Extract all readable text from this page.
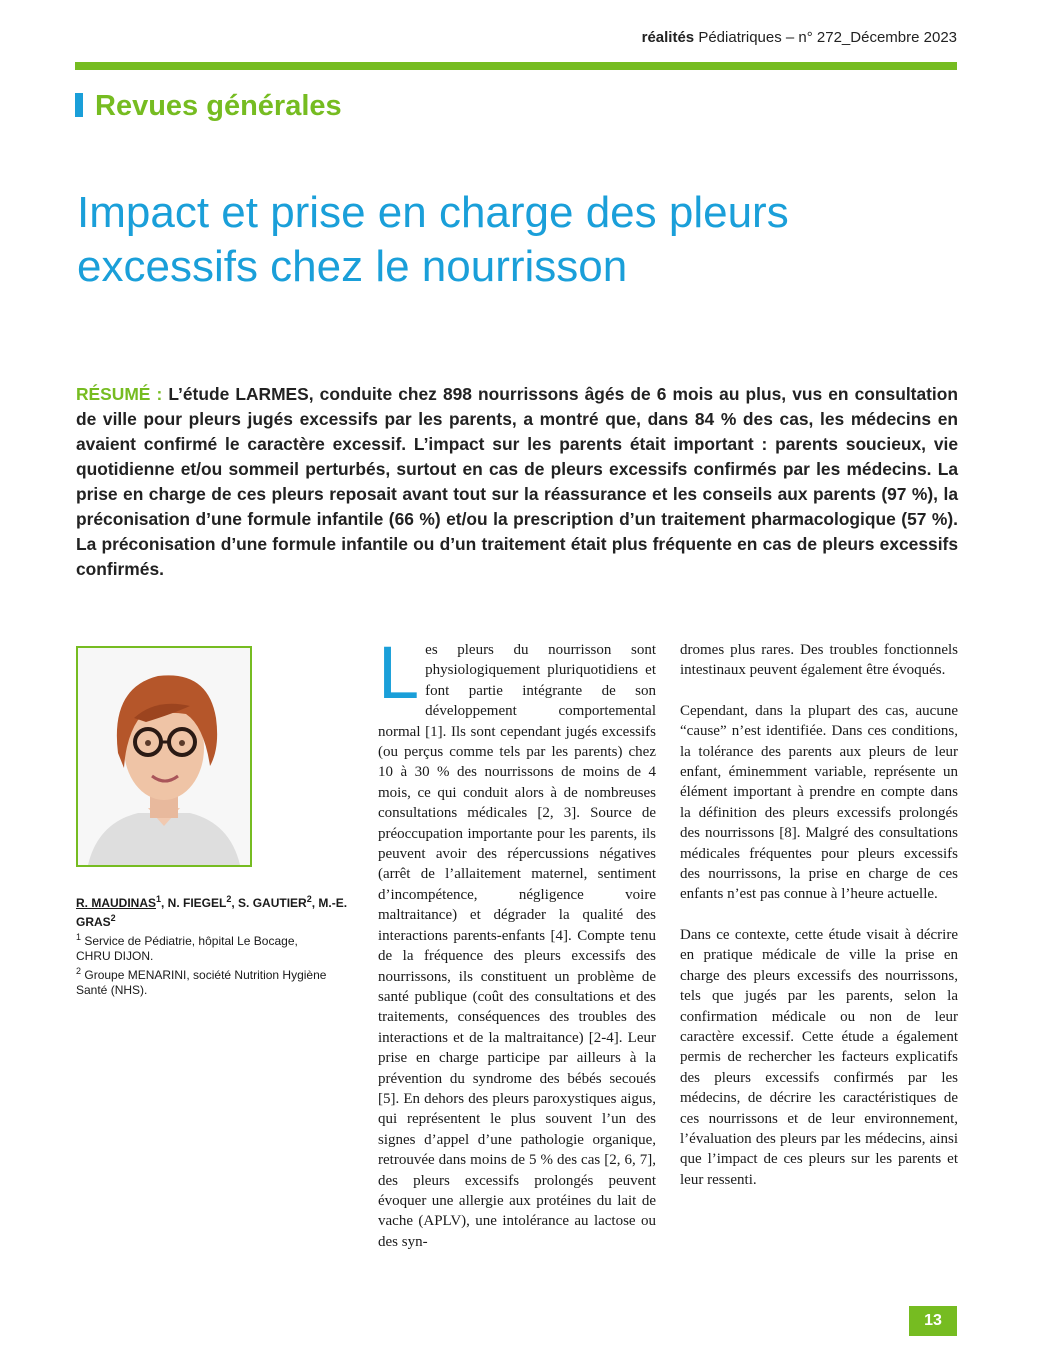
réalités Pédiatriques – n° 272_Décembre 2023
Revues générales
Impact et prise en charge des pleurs excessifs chez le nourrisson

RÉSUMÉ : L’étude LARMES, conduite chez 898 nourrissons âgés de 6 mois au plus, vus en consultation de ville pour pleurs jugés excessifs par les parents, a montré que, dans 84 % des cas, les médecins en avaient confirmé le caractère excessif. L’impact sur les parents était important : parents soucieux, vie quotidienne et/ou sommeil perturbés, surtout en cas de pleurs excessifs confirmés par les médecins. La prise en charge de ces pleurs reposait avant tout sur la réassurance et les conseils aux parents (97 %), la préconisation d’une formule infantile (66 %) et/ou la prescription d’un traitement pharmacologique (57 %). La préconisation d’une formule infantile ou d’un traitement était plus fréquente en cas de pleurs excessifs confirmés.

R. MAUDINAS$^1$, N. FIEGEL$^2$, S. GAUTIER$^2$, M.-E. GRAS$^2$
$^1$ Service de Pédiatrie, hôpital Le Bocage,
CHRU DIJON.
$^2$ Groupe MENARINI, société Nutrition Hygiène
Santé (NHS).

Les pleurs du nourrisson sont physiologiquement pluriquotidiens et font partie intégrante de son développement comportemental normal [1]. Ils sont cependant jugés excessifs (ou perçus comme tels par les parents) chez 10 à 30 % des nourrissons de moins de 4 mois, ce qui conduit alors à de nombreuses consultations médicales [2, 3]. Source de préoccupation importante pour les parents, ils peuvent avoir des répercussions négatives (arrêt de l’allaitement maternel, sentiment d’incompétence, négligence voire maltraitance) et dégrader la qualité des interactions parents-enfants [4]. Compte tenu de la fréquence des pleurs excessifs des nourrissons, ils constituent un problème de santé publique (coût des consultations et des traitements, conséquences des troubles des interactions et de la maltraitance) [2-4]. Leur prise en charge participe par ailleurs à la prévention du syndrome des bébés secoués [5]. En dehors des pleurs paroxystiques aigus, qui représentent le plus souvent l’un des signes d’appel d’une pathologie organique, retrouvée dans moins de 5 % des cas [2, 6, 7], des pleurs excessifs prolongés peuvent évoquer une allergie aux protéines du lait de vache (APLV), une intolérance au lactose ou des syn-

dromes plus rares. Des troubles fonctionnels intestinaux peuvent également être évoqués.

Cependant, dans la plupart des cas, aucune “cause” n’est identifiée. Dans ces conditions, la tolérance des parents aux pleurs de leur enfant, éminemment variable, représente un élément important à prendre en compte dans la définition des pleurs excessifs prolongés des nourrissons [8]. Malgré des consultations médicales fréquentes pour pleurs excessifs des nourrissons, la prise en charge de ces enfants n’est pas connue à l’heure actuelle.

Dans ce contexte, cette étude visait à décrire en pratique médicale de ville la prise en charge des pleurs excessifs des nourrissons, tels que jugés par les parents, selon la confirmation médicale ou non de leur caractère excessif. Cette étude a également permis de rechercher les facteurs explicatifs des pleurs excessifs confirmés par les médecins, de décrire les caractéristiques de ces nourrissons et de leur environnement, l’évaluation des pleurs par les médecins, ainsi que l’impact de ces pleurs sur les parents et leur ressenti.

13
